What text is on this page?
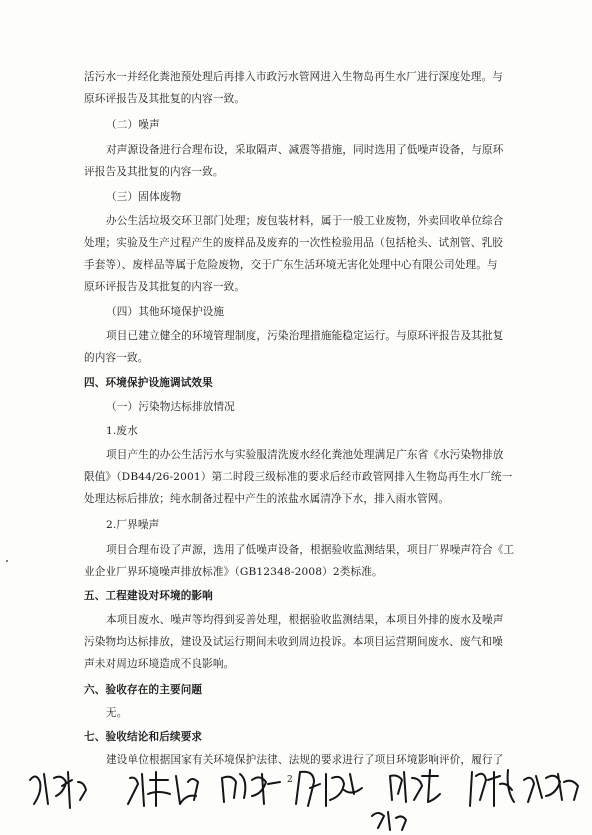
活污水一并经化粪池预处理后再排入市政污水管网进入生物岛再生水厂进行深度处理。与
原环评报告及其批复的内容一致。
（二）噪声
对声源设备进行合理布设，采取隔声、减震等措施，同时选用了低噪声设备，与原环
评报告及其批复的内容一致。
（三）固体废物
办公生活垃圾交环卫部门处理；废包装材料，属于一般工业废物，外卖回收单位综合
处理；实验及生产过程产生的废样品及废弃的一次性检验用品（包括枪头、试剂管、乳胶
手套等）、废样品等属于危险废物，交于广东生活环境无害化处理中心有限公司处理。与
原环评报告及其批复的内容一致。
（四）其他环境保护设施
项目已建立健全的环境管理制度，污染治理措施能稳定运行。与原环评报告及其批复
的内容一致。
四、环境保护设施调试效果
（一）污染物达标排放情况
1.废水
项目产生的办公生活污水与实验服清洗废水经化粪池处理满足广东省《水污染物排放
限值》（DB44/26-2001）第二时段三级标准的要求后经市政管网排入生物岛再生水厂统一
处理达标后排放；纯水制备过程中产生的浓盐水属清净下水，排入雨水管网。
2.厂界噪声
项目合理布设了声源，选用了低噪声设备，根据验收监测结果，项目厂界噪声符合《工
业企业厂界环境噪声排放标准》（GB12348-2008）2类标准。
五、工程建设对环境的影响
本项目废水、噪声等均得到妥善处理，根据验收监测结果，本项目外排的废水及噪声
污染物均达标排放，建设及试运行期间未收到周边投诉。本项目运营期间废水、废气和噪
声未对周边环境造成不良影响。
六、验收存在的主要问题
无。
七、验收结论和后续要求
建设单位根据国家有关环境保护法律、法规的要求进行了项目环境影响评价，履行了
2
